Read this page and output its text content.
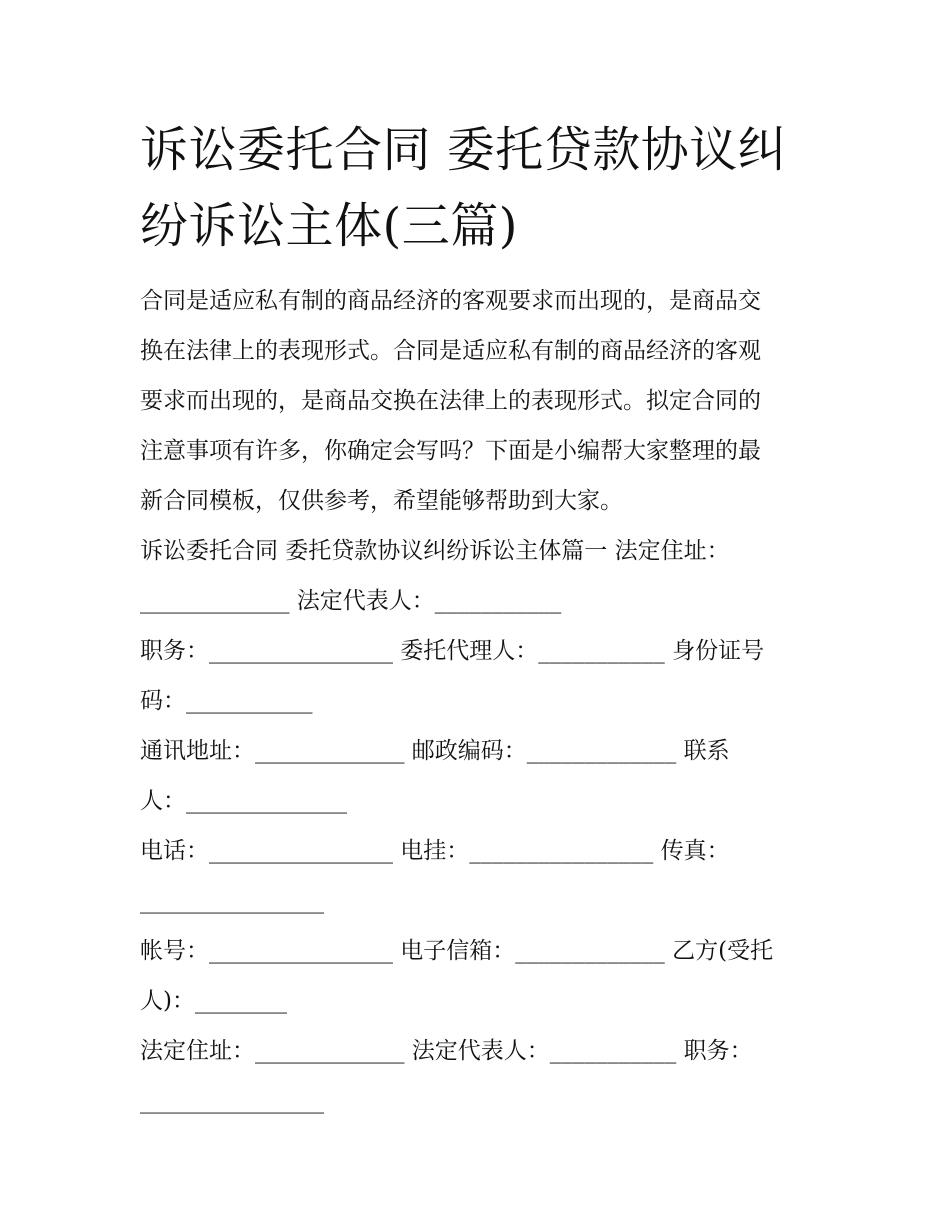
诉讼委托合同 委托贷款协议纠
纷诉讼主体(三篇)

合同是适应私有制的商品经济的客观要求而出现的，是商品交
换在法律上的表现形式。合同是适应私有制的商品经济的客观
要求而出现的，是商品交换在法律上的表现形式。拟定合同的
注意事项有许多，你确定会写吗？下面是小编帮大家整理的最
新合同模板，仅供参考，希望能够帮助到大家。

诉讼委托合同 委托贷款协议纠纷诉讼主体篇一 法定住址：
_____________ 法定代表人：___________
职务：________________ 委托代理人：___________ 身份证号
码：___________
通讯地址：_____________ 邮政编码：_____________ 联系
人：______________
电话：________________ 电挂：________________ 传真：
________________
帐号：________________ 电子信箱：_____________ 乙方(受托
人)：________
法定住址：_____________ 法定代表人：___________ 职务：
________________
